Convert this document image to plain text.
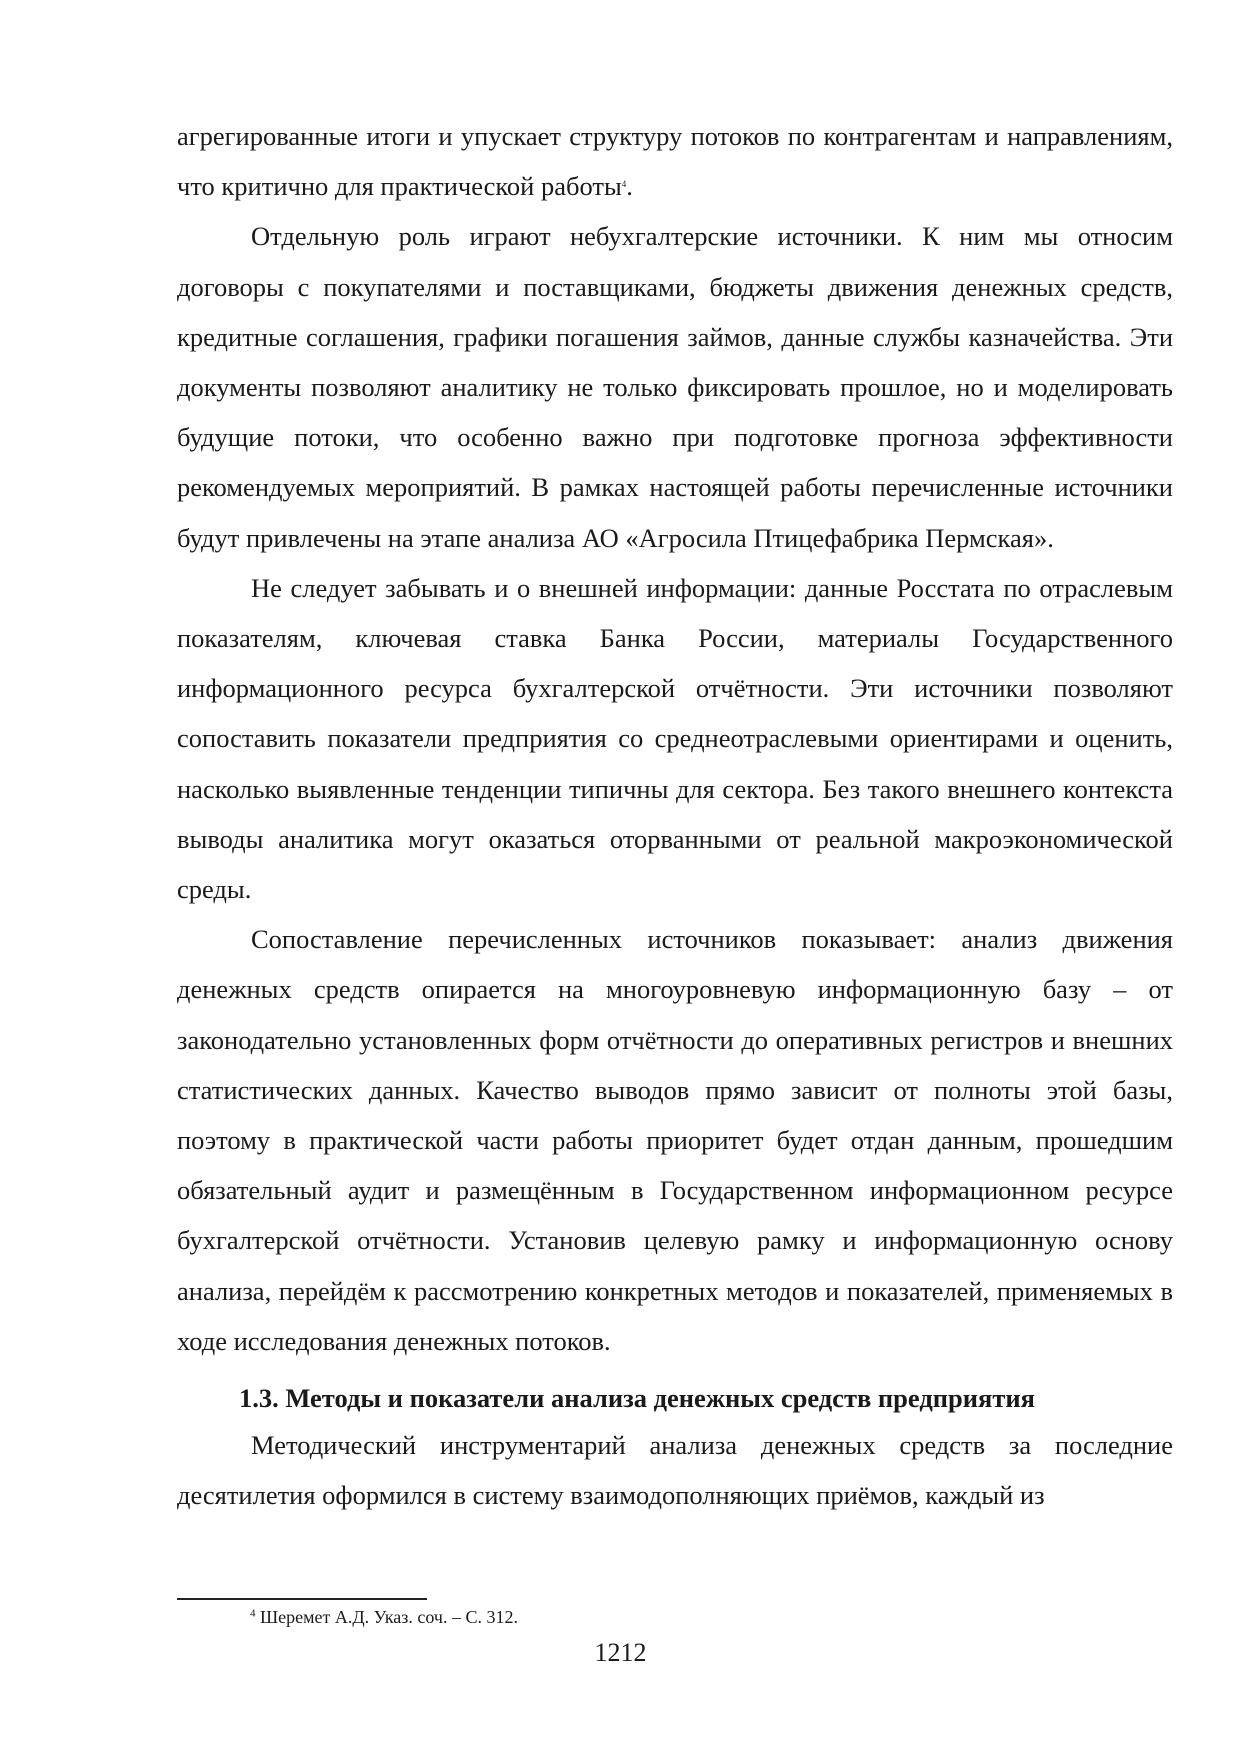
агрегированные итоги и упускает структуру потоков по контрагентам и направлениям, что критично для практической работы$^4$.

Отдельную роль играют небухгалтерские источники. К ним мы относим договоры с покупателями и поставщиками, бюджеты движения денежных средств, кредитные соглашения, графики погашения займов, данные службы казначейства. Эти документы позволяют аналитику не только фиксировать прошлое, но и моделировать будущие потоки, что особенно важно при подготовке прогноза эффективности рекомендуемых мероприятий. В рамках настоящей работы перечисленные источники будут привлечены на этапе анализа АО «Агросила Птицефабрика Пермская».

Не следует забывать и о внешней информации: данные Росстата по отраслевым показателям, ключевая ставка Банка России, материалы Государственного информационного ресурса бухгалтерской отчётности. Эти источники позволяют сопоставить показатели предприятия со среднеотраслевыми ориентирами и оценить, насколько выявленные тенденции типичны для сектора. Без такого внешнего контекста выводы аналитика могут оказаться оторванными от реальной макроэкономической среды.

Сопоставление перечисленных источников показывает: анализ движения денежных средств опирается на многоуровневую информационную базу – от законодательно установленных форм отчётности до оперативных регистров и внешних статистических данных. Качество выводов прямо зависит от полноты этой базы, поэтому в практической части работы приоритет будет отдан данным, прошедшим обязательный аудит и размещённым в Государственном информационном ресурсе бухгалтерской отчётности. Установив целевую рамку и информационную основу анализа, перейдём к рассмотрению конкретных методов и показателей, применяемых в ходе исследования денежных потоков.

1.3. Методы и показатели анализа денежных средств предприятия

Методический инструментарий анализа денежных средств за последние десятилетия оформился в систему взаимодополняющих приёмов, каждый из

$^4$ Шеремет А.Д. Указ. соч. – С. 312.
1212
